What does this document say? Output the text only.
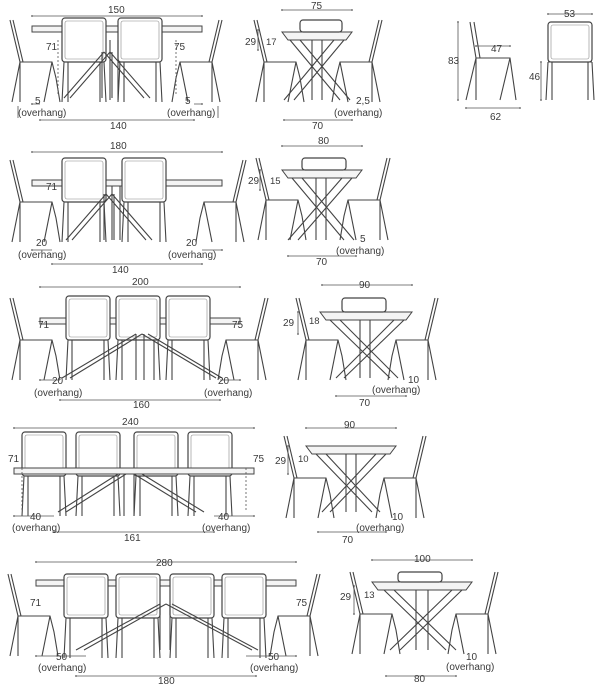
83
47
62
53
46
150
71	75
5
(overhang)
5
(overhang)
140
75
29 17
2,5
(overhang)
70
180
71
20
(overhang)
20
(overhang)
140
80
29 15
5
(overhang)
70
200
71	75
20
(overhang)
20
(overhang)
160
90
29 18
10
(overhang)
70
240
71	75
40
(overhang)
40
(overhang)
161
90
29 10
10
(overhang)
70
280
71	75
50
(overhang)
50
(overhang)
180
100
29 13
10
(overhang)
80
